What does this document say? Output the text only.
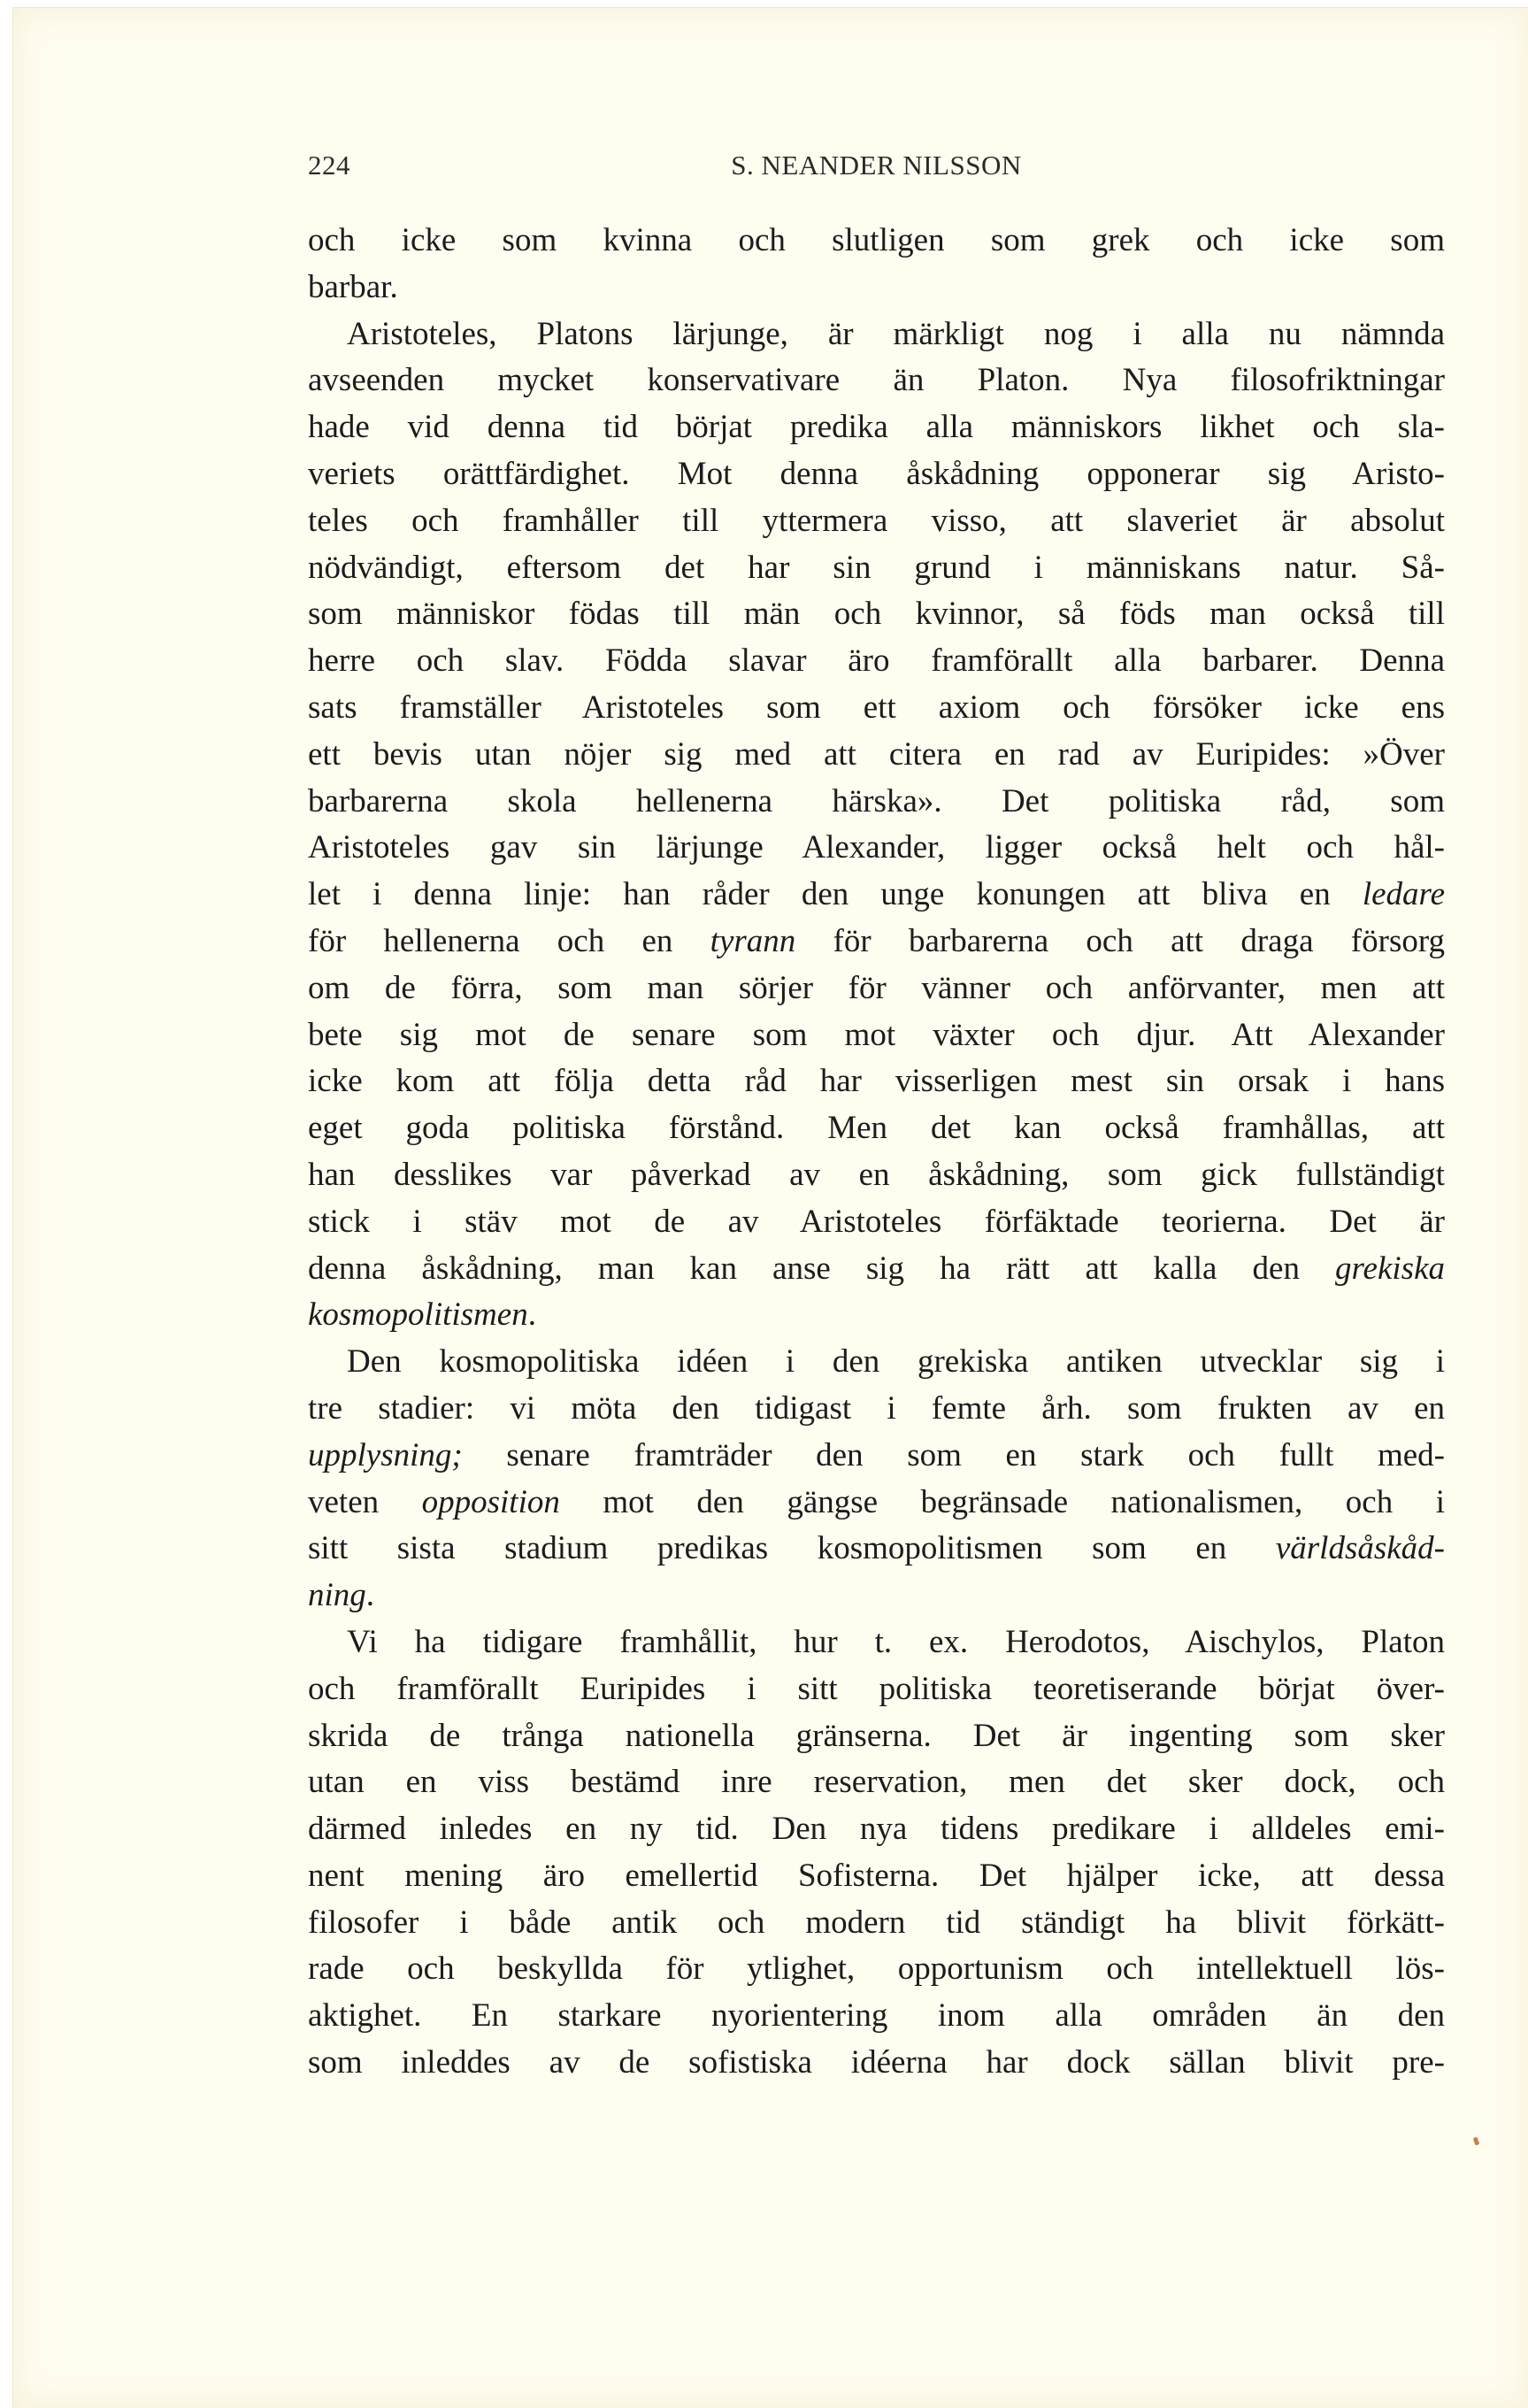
224	S. NEANDER NILSSON
och icke som kvinna och slutligen som grek och icke som
barbar.
Aristoteles, Platons lärjunge, är märkligt nog i alla nu nämnda
avseenden mycket konservativare än Platon. Nya filosofriktningar
hade vid denna tid börjat predika alla människors likhet och sla-
veriets orättfärdighet. Mot denna åskådning opponerar sig Aristo-
teles och framhåller till yttermera visso, att slaveriet är absolut
nödvändigt, eftersom det har sin grund i människans natur. Så-
som människor födas till män och kvinnor, så föds man också till
herre och slav. Födda slavar äro framförallt alla barbarer. Denna
sats framställer Aristoteles som ett axiom och försöker icke ens
ett bevis utan nöjer sig med att citera en rad av Euripides: »Över
barbarerna skola hellenerna härska». Det politiska råd, som
Aristoteles gav sin lärjunge Alexander, ligger också helt och hål-
let i denna linje: han råder den unge konungen att bliva en ledare
för hellenerna och en tyrann för barbarerna och att draga försorg
om de förra, som man sörjer för vänner och anförvanter, men att
bete sig mot de senare som mot växter och djur. Att Alexander
icke kom att följa detta råd har visserligen mest sin orsak i hans
eget goda politiska förstånd. Men det kan också framhållas, att
han desslikes var påverkad av en åskådning, som gick fullständigt
stick i stäv mot de av Aristoteles förfäktade teorierna. Det är
denna åskådning, man kan anse sig ha rätt att kalla den grekiska
kosmopolitismen.
Den kosmopolitiska idéen i den grekiska antiken utvecklar sig i
tre stadier: vi möta den tidigast i femte årh. som frukten av en
upplysning; senare framträder den som en stark och fullt med-
veten opposition mot den gängse begränsade nationalismen, och i
sitt sista stadium predikas kosmopolitismen som en världsåskåd-
ning.
Vi ha tidigare framhållit, hur t. ex. Herodotos, Aischylos, Platon
och framförallt Euripides i sitt politiska teoretiserande börjat över-
skrida de trånga nationella gränserna. Det är ingenting som sker
utan en viss bestämd inre reservation, men det sker dock, och
därmed inledes en ny tid. Den nya tidens predikare i alldeles emi-
nent mening äro emellertid Sofisterna. Det hjälper icke, att dessa
filosofer i både antik och modern tid ständigt ha blivit förkätt-
rade och beskyllda för ytlighet, opportunism och intellektuell lös-
aktighet. En starkare nyorientering inom alla områden än den
som inleddes av de sofistiska idéerna har dock sällan blivit pre-
